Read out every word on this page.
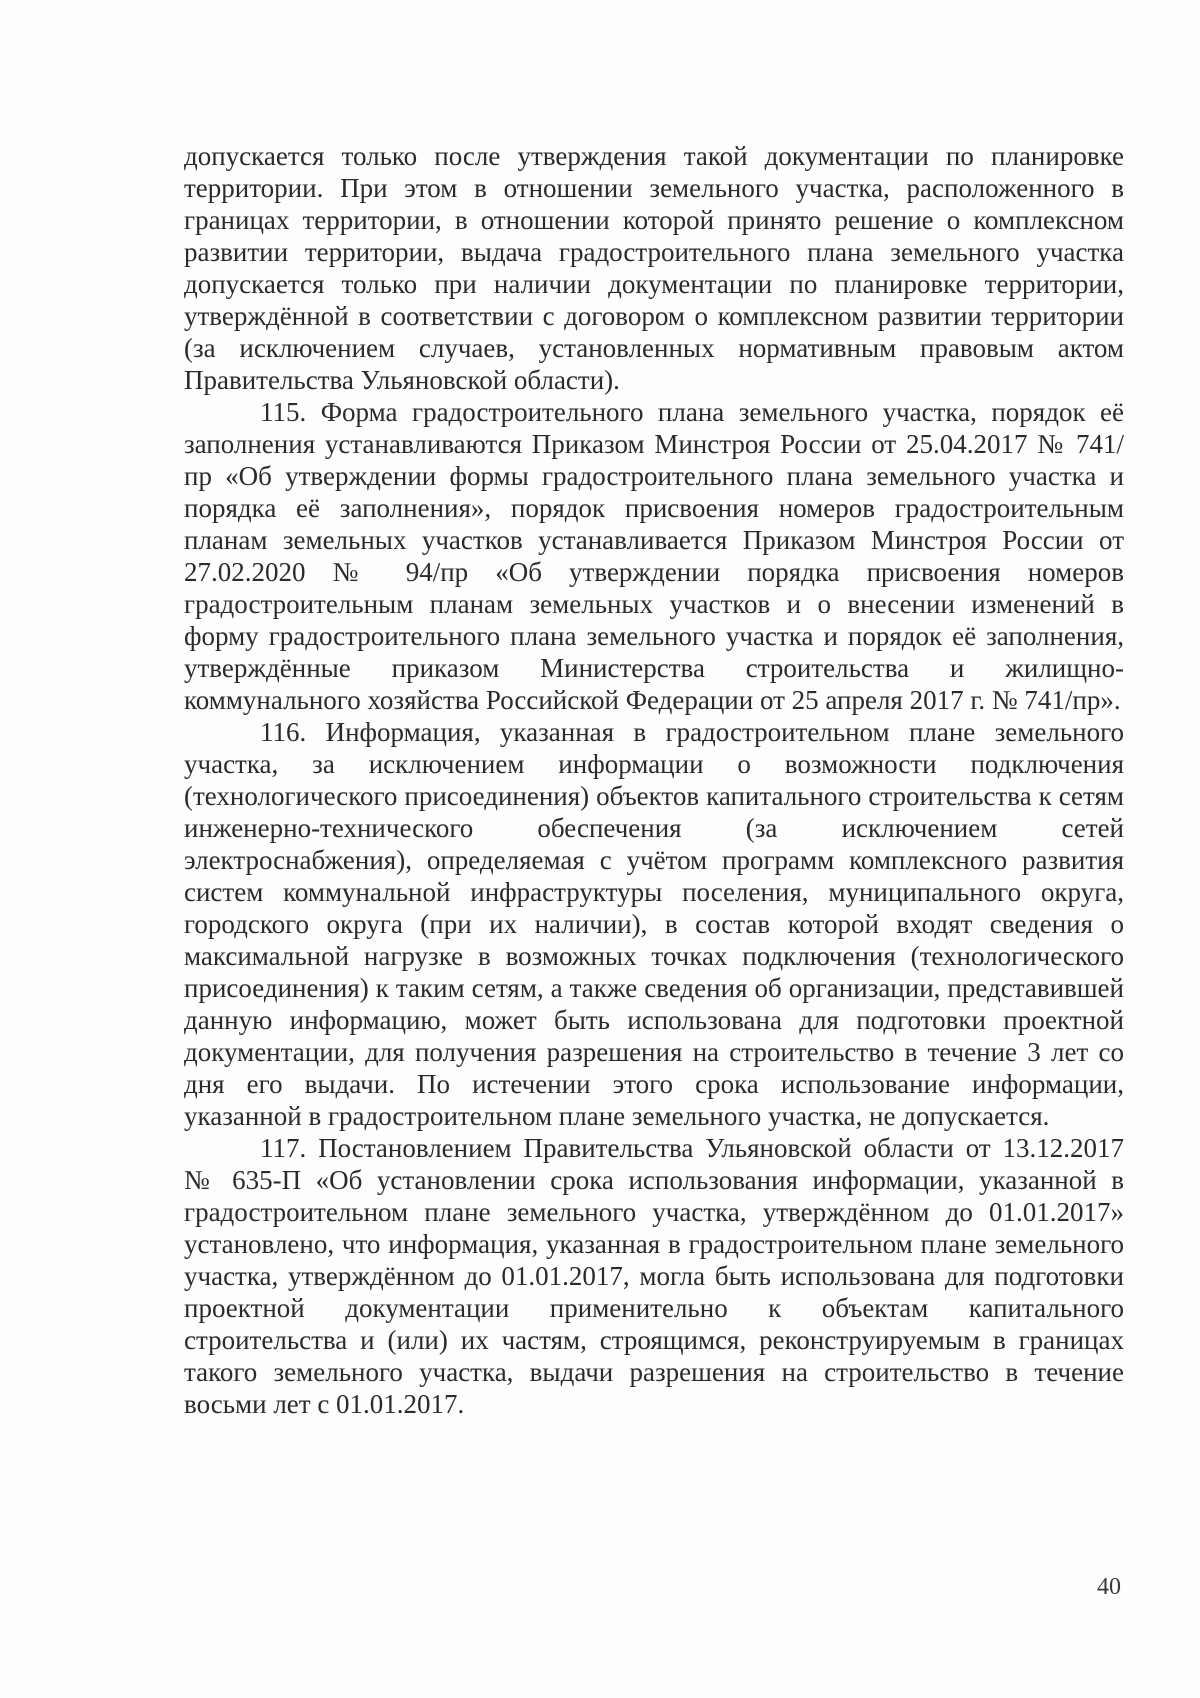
допускается только после утверждения такой документации по планировке территории. При этом в отношении земельного участка, расположенного в границах территории, в отношении которой принято решение о комплексном развитии территории, выдача градостроительного плана земельного участка допускается только при наличии документации по планировке территории, утверждённой в соответствии с договором о комплексном развитии территории (за исключением случаев, установленных нормативным правовым актом Правительства Ульяновской области).

115. Форма градостроительного плана земельного участка, порядок её заполнения устанавливаются Приказом Минстроя России от 25.04.2017 № 741/пр «Об утверждении формы градостроительного плана земельного участка и порядка её заполнения», порядок присвоения номеров градостроительным планам земельных участков устанавливается Приказом Минстроя России от 27.02.2020 № 94/пр «Об утверждении порядка присвоения номеров градостроительным планам земельных участков и о внесении изменений в форму градостроительного плана земельного участка и порядок её заполнения, утверждённые приказом Министерства строительства и жилищно-коммунального хозяйства Российской Федерации от 25 апреля 2017 г. № 741/пр».

116. Информация, указанная в градостроительном плане земельного участка, за исключением информации о возможности подключения (технологического присоединения) объектов капитального строительства к сетям инженерно-технического обеспечения (за исключением сетей электроснабжения), определяемая с учётом программ комплексного развития систем коммунальной инфраструктуры поселения, муниципального округа, городского округа (при их наличии), в состав которой входят сведения о максимальной нагрузке в возможных точках подключения (технологического присоединения) к таким сетям, а также сведения об организации, представившей данную информацию, может быть использована для подготовки проектной документации, для получения разрешения на строительство в течение 3 лет со дня его выдачи. По истечении этого срока использование информации, указанной в градостроительном плане земельного участка, не допускается.

117. Постановлением Правительства Ульяновской области от 13.12.2017 № 635-П «Об установлении срока использования информации, указанной в градостроительном плане земельного участка, утверждённом до 01.01.2017» установлено, что информация, указанная в градостроительном плане земельного участка, утверждённом до 01.01.2017, могла быть использована для подготовки проектной документации применительно к объектам капитального строительства и (или) их частям, строящимся, реконструируемым в границах такого земельного участка, выдачи разрешения на строительство в течение восьми лет с 01.01.2017.

40
